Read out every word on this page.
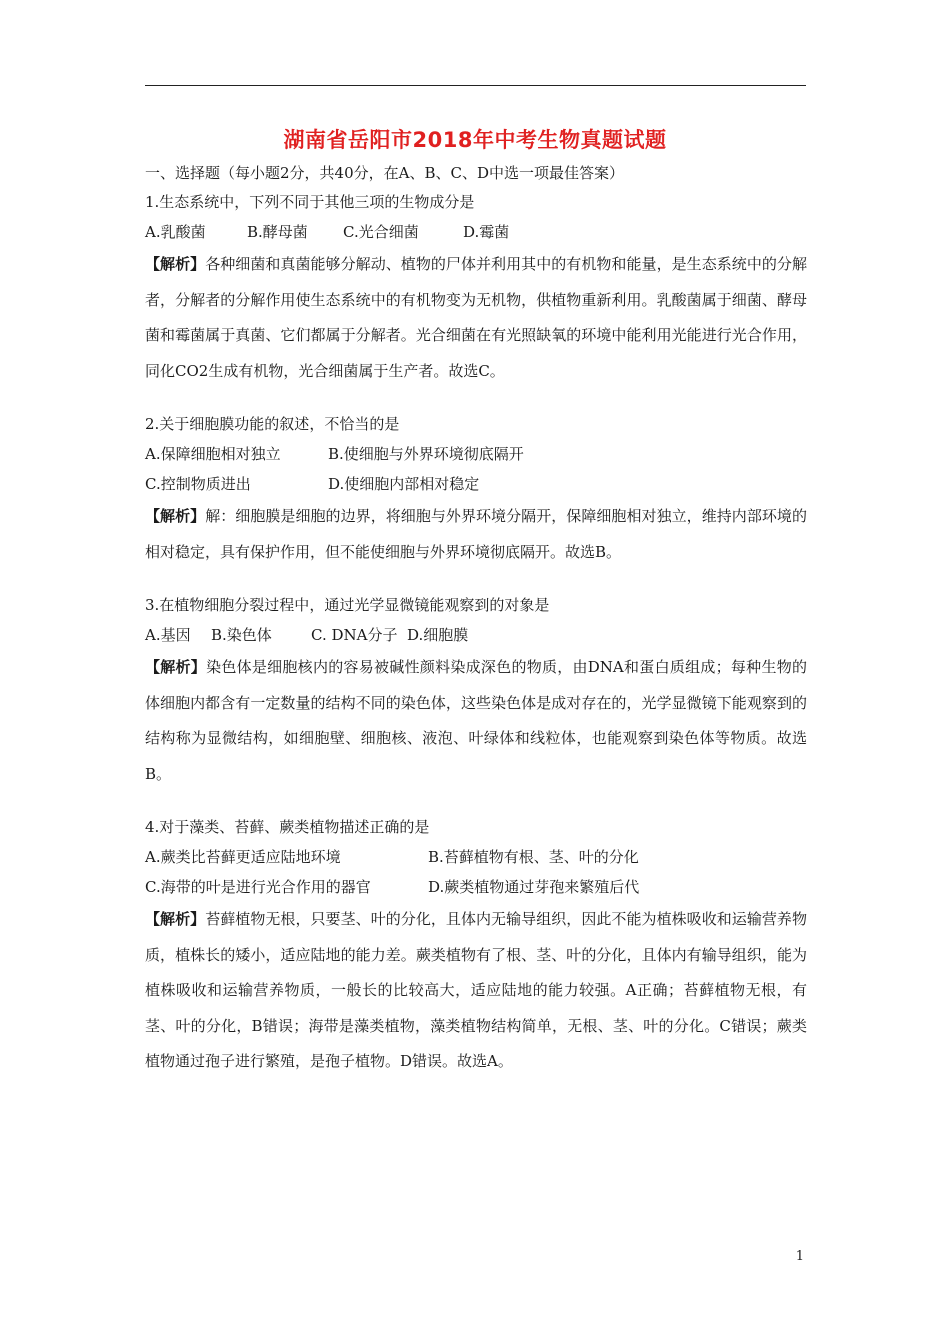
湖南省岳阳市2018年中考生物真题试题
一、选择题（每小题2分，共40分，在A、B、C、D中选一项最佳答案）
1.生态系统中，下列不同于其他三项的生物成分是
A.乳酸菌	B.酵母菌 C.光合细菌	D.霉菌
【解析】各种细菌和真菌能够分解动、植物的尸体并利用其中的有机物和能量，是生态系统中的分解者，分解者的分解作用使生态系统中的有机物变为无机物，供植物重新利用。乳酸菌属于细菌、酵母菌和霉菌属于真菌、它们都属于分解者。光合细菌在有光照缺氧的环境中能利用光能进行光合作用，同化CO2生成有机物，光合细菌属于生产者。故选C。
2.关于细胞膜功能的叙述，不恰当的是
A.保障细胞相对独立	B.使细胞与外界环境彻底隔开
C.控制物质进出	D.使细胞内部相对稳定
【解析】解：细胞膜是细胞的边界，将细胞与外界环境分隔开，保障细胞相对独立，维持内部环境的相对稳定，具有保护作用，但不能使细胞与外界环境彻底隔开。故选B。
3.在植物细胞分裂过程中，通过光学显微镜能观察到的对象是
A.基因 B.染色体	C. DNA分子 D.细胞膜
【解析】染色体是细胞核内的容易被碱性颜料染成深色的物质，由DNA和蛋白质组成；每种生物的体细胞内都含有一定数量的结构不同的染色体，这些染色体是成对存在的，光学显微镜下能观察到的结构称为显微结构，如细胞壁、细胞核、液泡、叶绿体和线粒体，也能观察到染色体等物质。故选B。
4.对于藻类、苔藓、蕨类植物描述正确的是
A.蕨类比苔藓更适应陆地环境	B.苔藓植物有根、茎、叶的分化
C.海带的叶是进行光合作用的器官	D.蕨类植物通过芽孢来繁殖后代
【解析】苔藓植物无根，只要茎、叶的分化，且体内无输导组织，因此不能为植株吸收和运输营养物质，植株长的矮小，适应陆地的能力差。蕨类植物有了根、茎、叶的分化，且体内有输导组织，能为植株吸收和运输营养物质，一般长的比较高大，适应陆地的能力较强。A正确；苔藓植物无根，有茎、叶的分化，B错误；海带是藻类植物，藻类植物结构简单，无根、茎、叶的分化。C错误；蕨类植物通过孢子进行繁殖，是孢子植物。D错误。故选A。
1
